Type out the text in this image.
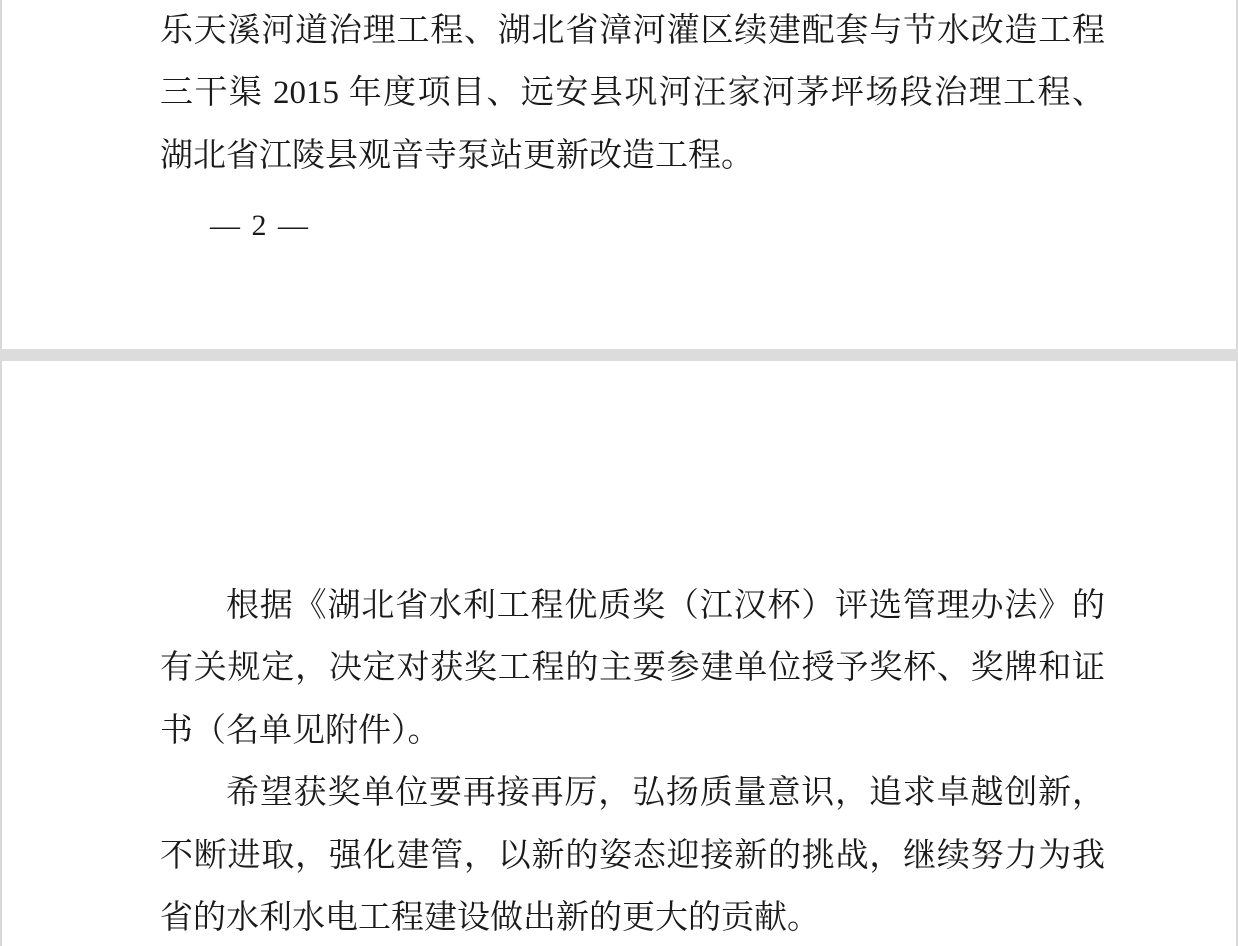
乐天溪河道治理工程、湖北省漳河灌区续建配套与节水改造工程
三干渠 2015 年度项目、远安县巩河汪家河茅坪场段治理工程、
湖北省江陵县观音寺泵站更新改造工程。
— 2 —
根据《湖北省水利工程优质奖（江汉杯）评选管理办法》的
有关规定，决定对获奖工程的主要参建单位授予奖杯、奖牌和证
书（名单见附件）。
希望获奖单位要再接再厉，弘扬质量意识，追求卓越创新，
不断进取，强化建管，以新的姿态迎接新的挑战，继续努力为我
省的水利水电工程建设做出新的更大的贡献。
